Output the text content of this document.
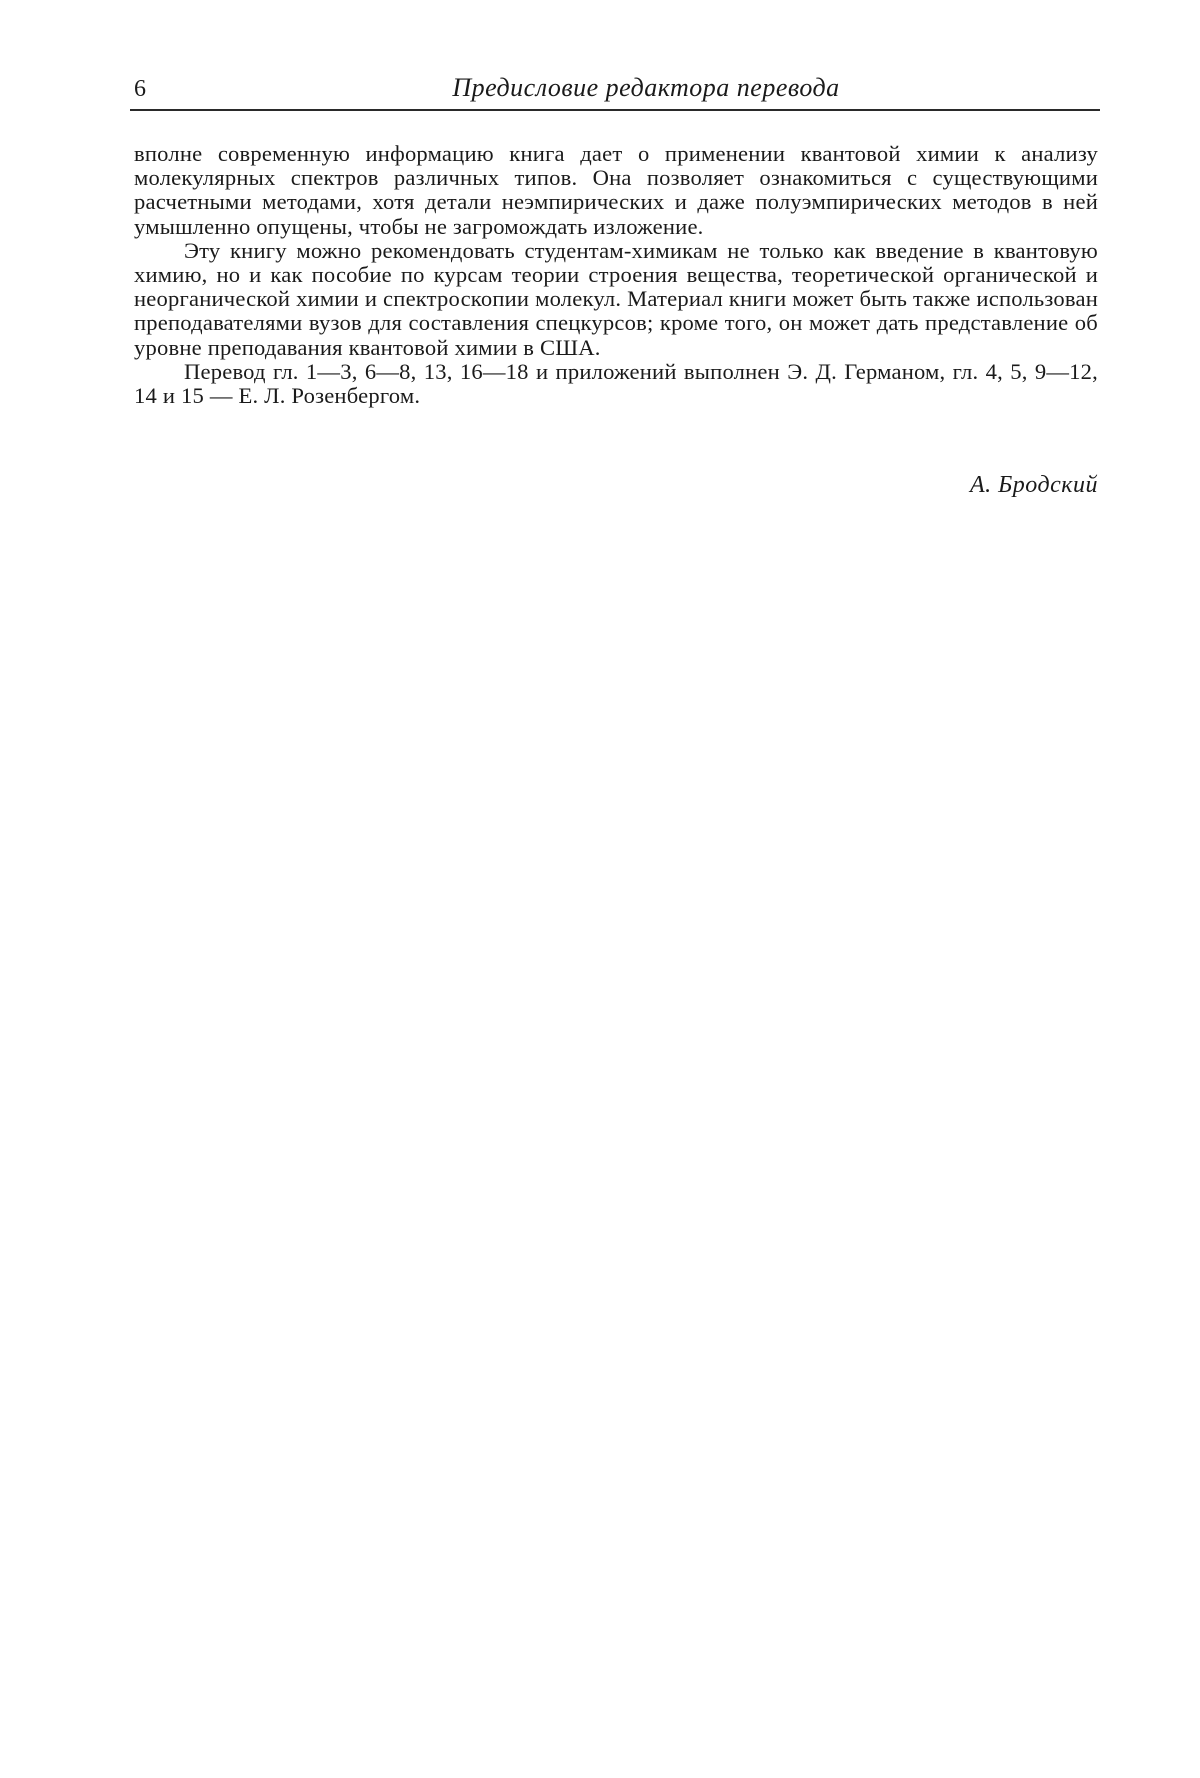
6	Предисловие редактора перевода

вполне современную информацию книга дает о применении квантовой химии к анализу молекулярных спектров различных типов. Она позволяет ознакомиться с существующими расчетными методами, хотя детали неэмпирических и даже полуэмпирических методов в ней умышленно опущены, чтобы не загромождать изложение.

Эту книгу можно рекомендовать студентам-химикам не только как введение в квантовую химию, но и как пособие по курсам теории строения вещества, теоретической органической и неорганической химии и спектроскопии молекул. Материал книги может быть также использован преподавателями вузов для составления спецкурсов; кроме того, он может дать представление об уровне преподавания квантовой химии в США.

Перевод гл. 1—3, 6—8, 13, 16—18 и приложений выполнен Э. Д. Германом, гл. 4, 5, 9—12, 14 и 15 — Е. Л. Розенбергом.

А. Бродский
